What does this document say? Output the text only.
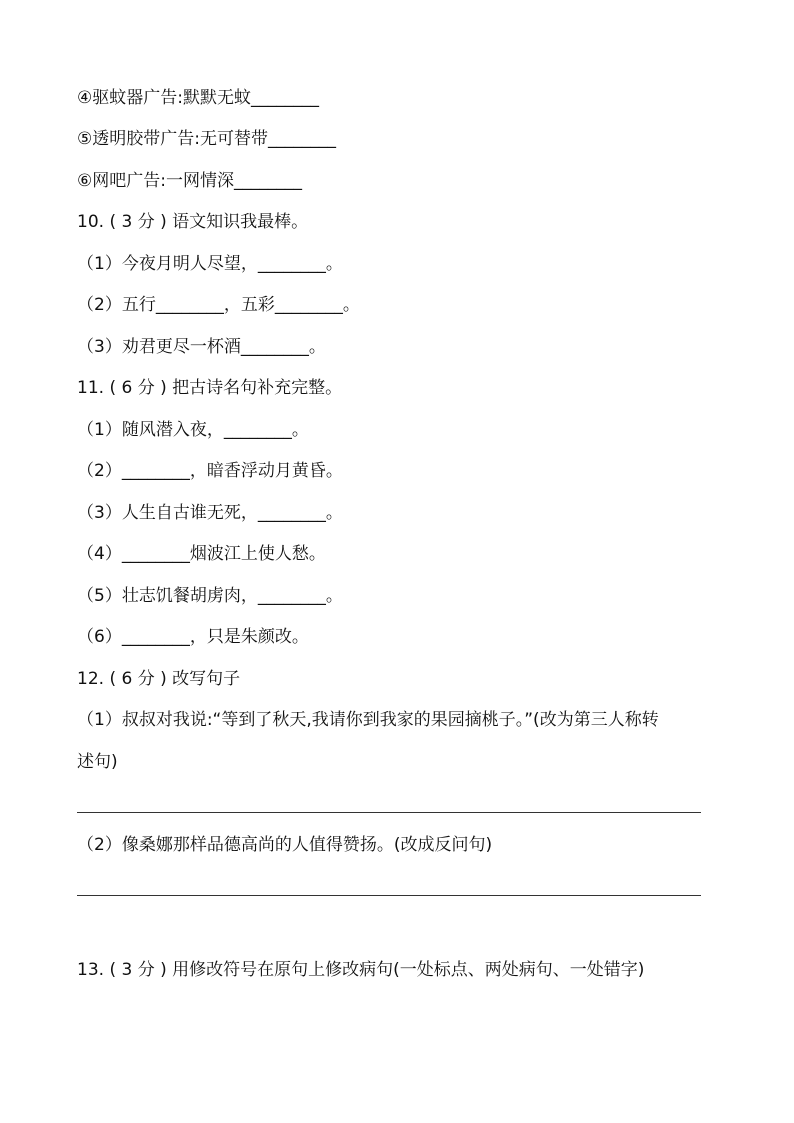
④驱蚊器广告:默默无蚊________
⑤透明胶带广告:无可替带________
⑥网吧广告:一网情深________
10. ( 3 分 ) 语文知识我最棒。
（1）今夜月明人尽望，________。
（2）五行________，五彩________。
（3）劝君更尽一杯酒________。
11. ( 6 分 ) 把古诗名句补充完整。
（1）随风潜入夜，________。
（2）________，暗香浮动月黄昏。
（3）人生自古谁无死，________。
（4）________烟波江上使人愁。
（5）壮志饥餐胡虏肉，________。
（6）________，只是朱颜改。
12. ( 6 分 ) 改写句子
（1）叔叔对我说:“等到了秋天,我请你到我家的果园摘桃子。”(改为第三人称转
述句)
（2）像桑娜那样品德高尚的人值得赞扬。(改成反问句)
13. ( 3 分 ) 用修改符号在原句上修改病句(一处标点、两处病句、一处错字)
